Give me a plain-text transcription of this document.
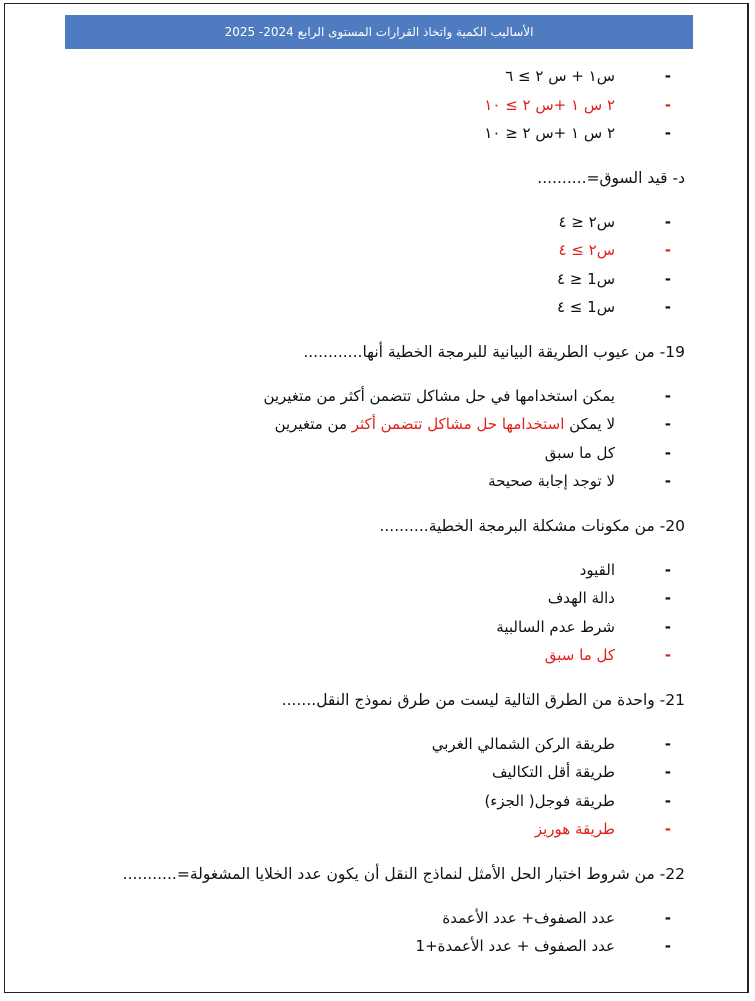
الأساليب الكمية واتخاذ القرارات المستوى الرابع 2024- 2025

- س١ + س ٢ ≥ ٦

- ٢ س ١ +س ٢ ≥ ١٠

- ٢ س ١ +س ٢ ≤ ١٠

د- قيد السوق=..........

- س٢ ≤ ٤

- س٢ ≥ ٤

- س1 ≤ ٤

- س1 ≥ ٤

19- من عيوب الطريقة البيانية للبرمجة الخطية أنها............

- يمكن استخدامها في حل مشاكل تتضمن أكثر من متغيرين

- لا يمكن استخدامها حل مشاكل تتضمن أكثر من متغيرين

- كل ما سبق

- لا توجد إجابة صحيحة

20- من مكونات مشكلة البرمجة الخطية..........

- القيود

- دالة الهدف

- شرط عدم السالبية

- كل ما سبق

21- واحدة من الطرق التالية ليست من طرق نموذج النقل.......

- طريقة الركن الشمالي الغربي

- طريقة أقل التكاليف

- طريقة فوجل( الجزء)

- طريقة هوريز

22- من شروط اختبار الحل الأمثل لنماذج النقل أن يكون عدد الخلايا المشغولة=...........

- عدد الصفوف+ عدد الأعمدة

- عدد الصفوف + عدد الأعمدة+1
